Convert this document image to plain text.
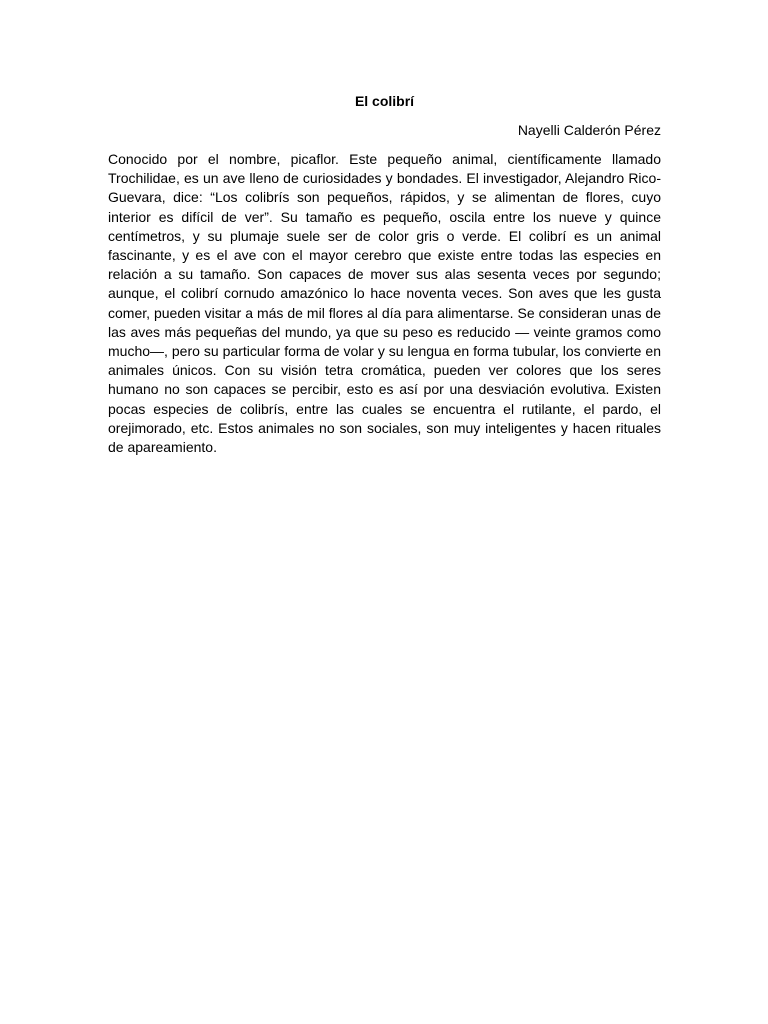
El colibrí
Nayelli Calderón Pérez

Conocido por el nombre, picaflor. Este pequeño animal, científicamente llamado Trochilidae, es un ave lleno de curiosidades y bondades. El investigador, Alejandro Rico-Guevara, dice: “Los colibrís son pequeños, rápidos, y se alimentan de flores, cuyo interior es difícil de ver”. Su tamaño es pequeño, oscila entre los nueve y quince centímetros, y su plumaje suele ser de color gris o verde. El colibrí es un animal fascinante, y es el ave con el mayor cerebro que existe entre todas las especies en relación a su tamaño. Son capaces de mover sus alas sesenta veces por segundo; aunque, el colibrí cornudo amazónico lo hace noventa veces. Son aves que les gusta comer, pueden visitar a más de mil flores al día para alimentarse. Se consideran unas de las aves más pequeñas del mundo, ya que su peso es reducido — veinte gramos como mucho—, pero su particular forma de volar y su lengua en forma tubular, los convierte en animales únicos. Con su visión tetra cromática, pueden ver colores que los seres humano no son capaces se percibir, esto es así por una desviación evolutiva. Existen pocas especies de colibrís, entre las cuales se encuentra el rutilante, el pardo, el orejimorado, etc. Estos animales no son sociales, son muy inteligentes y hacen rituales de apareamiento.
